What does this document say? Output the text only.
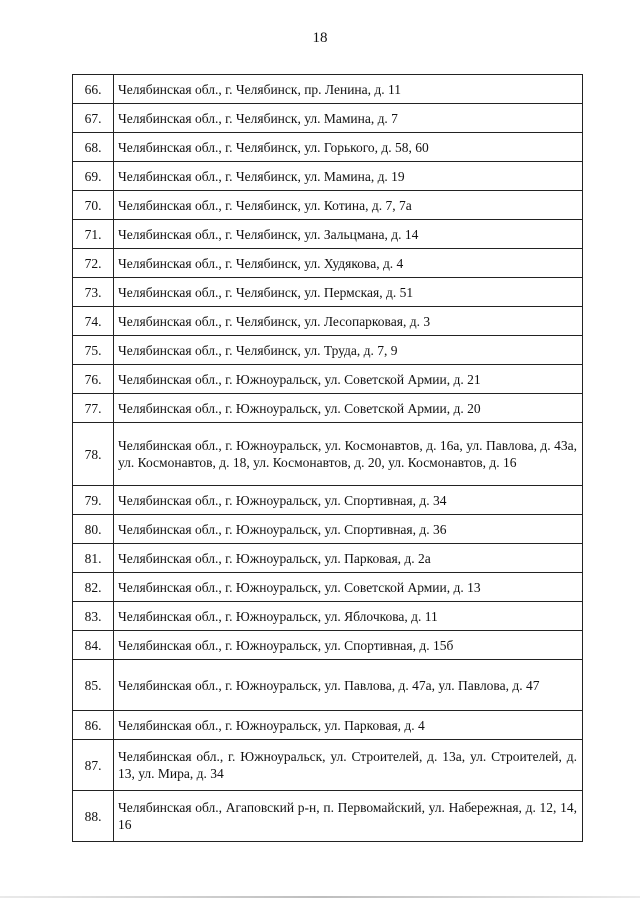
18
66.	Челябинская обл., г. Челябинск, пр. Ленина, д. 11
67.	Челябинская обл., г. Челябинск, ул. Мамина, д. 7
68.	Челябинская обл., г. Челябинск, ул. Горького, д. 58, 60
69.	Челябинская обл., г. Челябинск, ул. Мамина, д. 19
70.	Челябинская обл., г. Челябинск, ул. Котина, д. 7, 7а
71.	Челябинская обл., г. Челябинск, ул. Зальцмана, д. 14
72.	Челябинская обл., г. Челябинск, ул. Худякова, д. 4
73.	Челябинская обл., г. Челябинск, ул. Пермская, д. 51
74.	Челябинская обл., г. Челябинск, ул. Лесопарковая, д. 3
75.	Челябинская обл., г. Челябинск, ул. Труда, д. 7, 9
76.	Челябинская обл., г. Южноуральск, ул. Советской Армии, д. 21
77.	Челябинская обл., г. Южноуральск, ул. Советской Армии, д. 20
78.	Челябинская обл., г. Южноуральск, ул. Космонавтов, д. 16а, ул. Павлова, д. 43а, ул. Космонавтов, д. 18, ул. Космонавтов, д. 20, ул. Космонавтов, д. 16
79.	Челябинская обл., г. Южноуральск, ул. Спортивная, д. 34
80.	Челябинская обл., г. Южноуральск, ул. Спортивная, д. 36
81.	Челябинская обл., г. Южноуральск, ул. Парковая, д. 2а
82.	Челябинская обл., г. Южноуральск, ул. Советской Армии, д. 13
83.	Челябинская обл., г. Южноуральск, ул. Яблочкова, д. 11
84.	Челябинская обл., г. Южноуральск, ул. Спортивная, д. 15б
85.	Челябинская обл., г. Южноуральск, ул. Павлова, д. 47а, ул. Павлова, д. 47
86.	Челябинская обл., г. Южноуральск, ул. Парковая, д. 4
87.	Челябинская обл., г. Южноуральск, ул. Строителей, д. 13а, ул. Строителей, д. 13, ул. Мира, д. 34
88.	Челябинская обл., Агаповский р-н, п. Первомайский, ул. Набережная, д. 12, 14, 16
